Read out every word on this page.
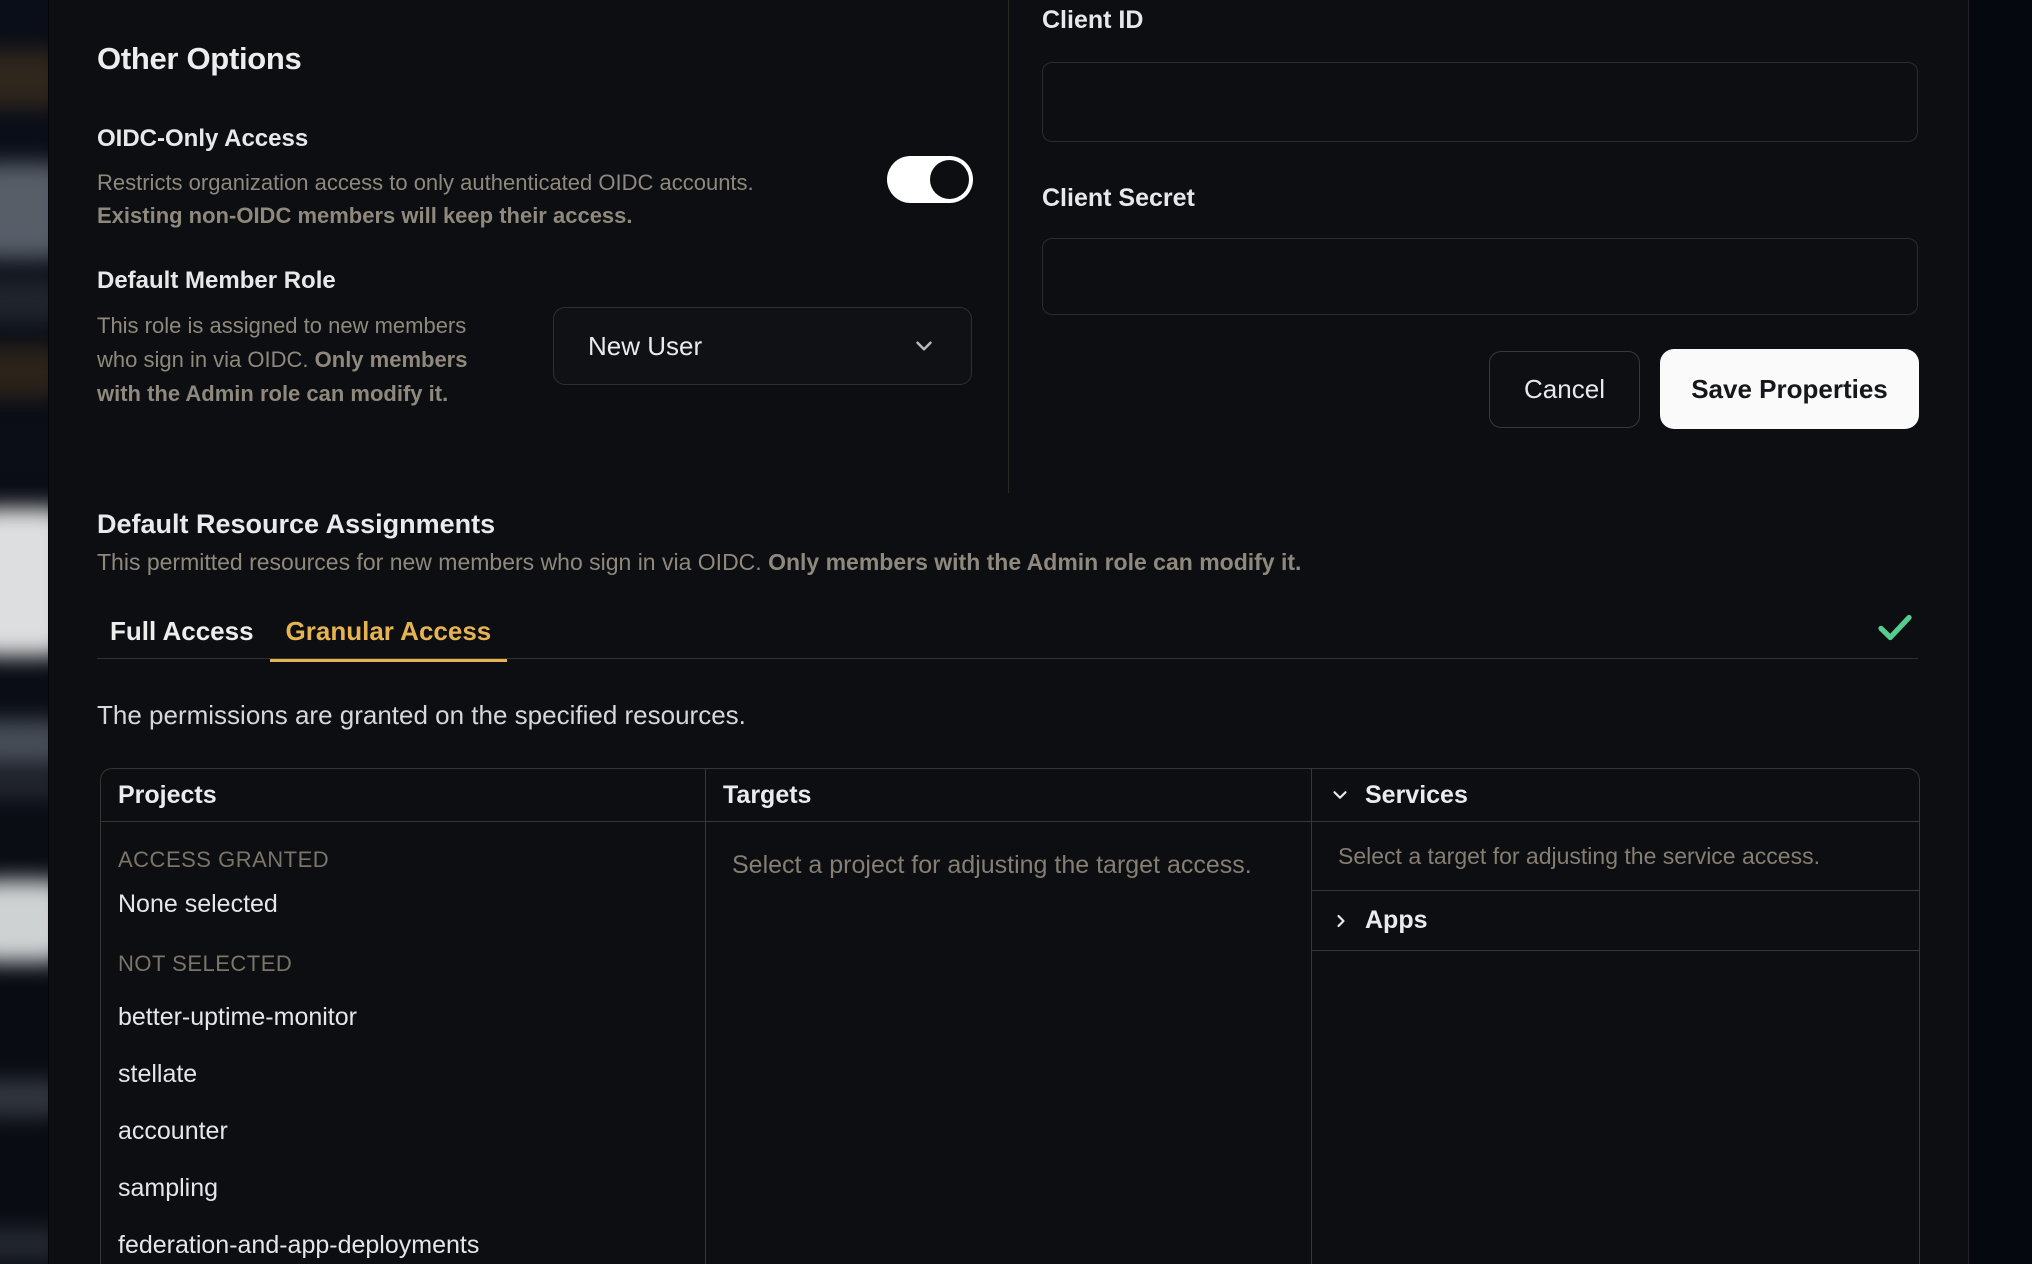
Other Options
OIDC-Only Access
Restricts organization access to only authenticated OIDC accounts.
Existing non-OIDC members will keep their access.
Default Member Role
This role is assigned to new members
who sign in via OIDC. Only members
with the Admin role can modify it.
New User
Client ID
Client Secret
Cancel	Save Properties
Default Resource Assignments
This permitted resources for new members who sign in via OIDC. Only members with the Admin role can modify it.
Full Access	Granular Access
The permissions are granted on the specified resources.
Projects
ACCESS GRANTED
None selected
NOT SELECTED
better-uptime-monitor
stellate
accounter
sampling
federation-and-app-deployments
Targets
Select a project for adjusting the target access.
Services
Select a target for adjusting the service access.
Apps
